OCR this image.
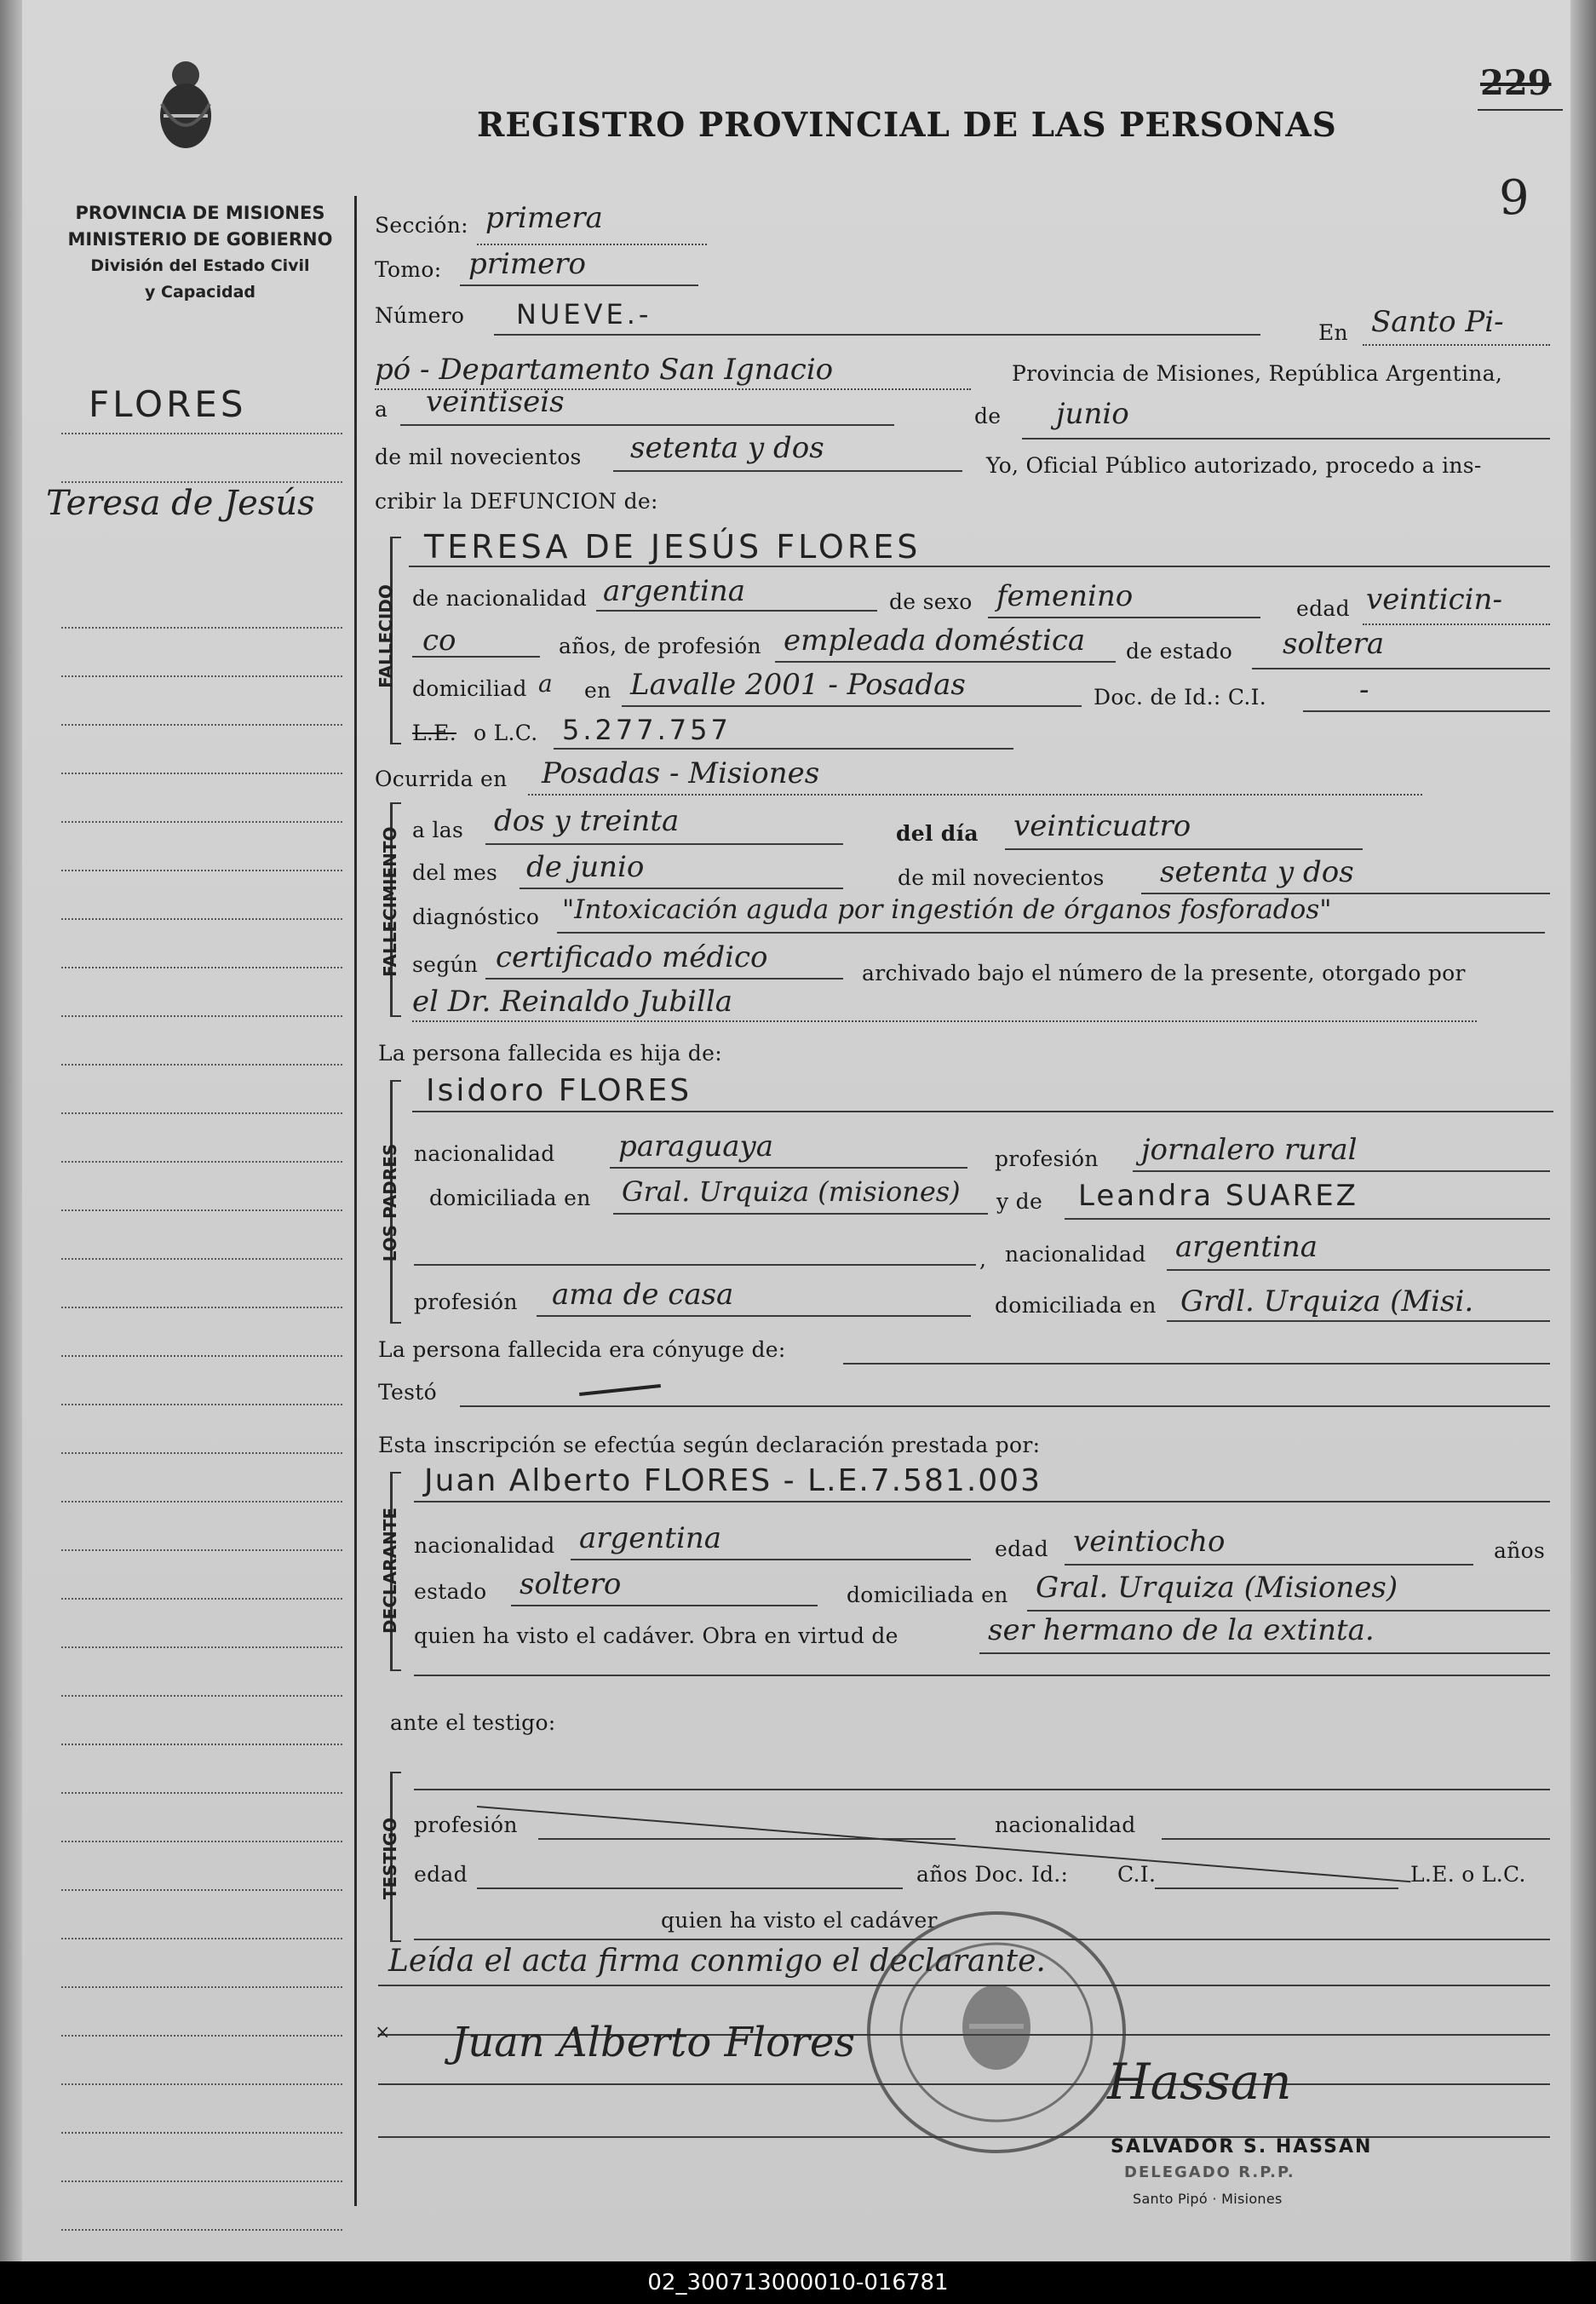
REGISTRO PROVINCIAL DE LAS PERSONAS
229
9
PROVINCIA DE MISIONES
MINISTERIO DE GOBIERNO
División del Estado Civil
y Capacidad
FLORES
Teresa de Jesús
Sección: primera
Tomo: primero
Número NUEVE.-
En Santo Pi-
pó - Departamento San Ignacio	Provincia de Misiones, República Argentina,
a veintiseis	de junio
de mil novecientos setenta y dos
Yo, Oficial Público autorizado, procedo a ins-
cribir la DEFUNCION de:
TERESA DE JESÚS FLORES
FALLECIDO de nacionalidad argentina	de sexo femenino	edad veinticin-
co	años, de profesión empleada doméstica de estado soltera
domiciliad a en Lavalle 2001 - Posadas	Doc. de Id.: C.I.	-
L.E. o L.C. 5.277.757
Ocurrida en Posadas - Misiones
FALLECIMIENTO a las dos y treinta	del día veinticuatro
del mes de junio	de mil novecientos setenta y dos
diagnóstico "Intoxicación aguda por ingestión de órganos fosforados"
según certificado médico	archivado bajo el número de la presente, otorgado por
el Dr. Reinaldo Jubilla
La persona fallecida es hija de:
Isidoro FLORES
LOS PADRES nacionalidad paraguaya	profesión jornalero rural
domiciliada en Gral. Urquiza (misiones) y de Leandra SUAREZ
, nacionalidad argentina
profesión ama de casa	domiciliada en Grdl. Urquiza (Misi.
La persona fallecida era cónyuge de:
Testó
Esta inscripción se efectúa según declaración prestada por:
Juan Alberto FLORES - L.E.7.581.003
DECLARANTE nacionalidad argentina	edad veintiocho	años
estado soltero	domiciliada en Gral. Urquiza (Misiones)
quien ha visto el cadáver. Obra en virtud de	ser hermano de la extinta.
ante el testigo:
TESTIGO profesión	nacionalidad
edad	años Doc. Id.: C.I.	L.E. o L.C.
quien ha visto el cadáver
Leída el acta firma conmigo el declarante.
× Juan Alberto Flores
Hassan
SALVADOR S. HASSAN
DELEGADO R.P.P.
Santo Pipó · Misiones
02_300713000010-016781
